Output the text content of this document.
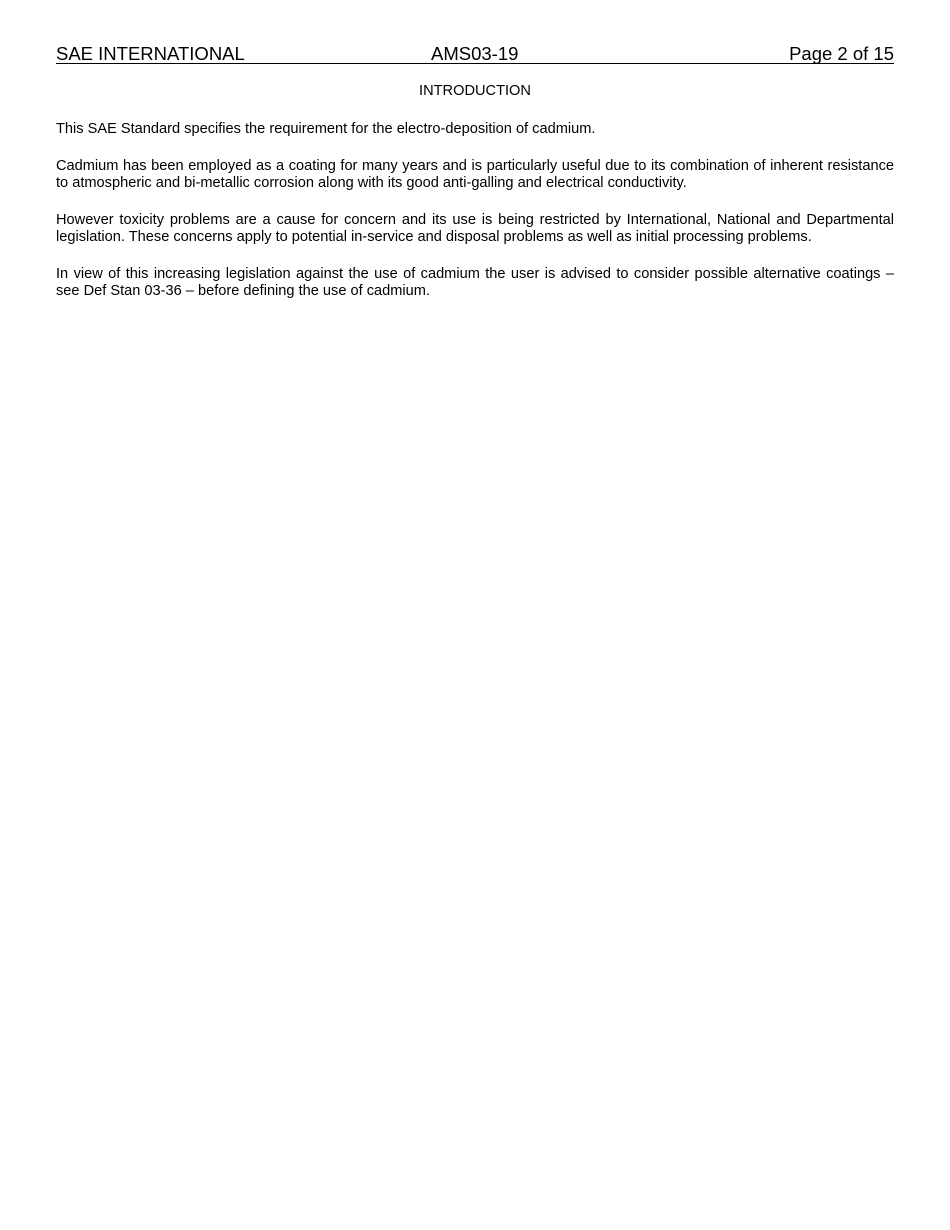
SAE INTERNATIONAL	AMS03-19	Page 2 of 15
INTRODUCTION

This SAE Standard specifies the requirement for the electro-deposition of cadmium.

Cadmium has been employed as a coating for many years and is particularly useful due to its combination of inherent resistance to atmospheric and bi-metallic corrosion along with its good anti-galling and electrical conductivity.

However toxicity problems are a cause for concern and its use is being restricted by International, National and Departmental legislation. These concerns apply to potential in-service and disposal problems as well as initial processing problems.

In view of this increasing legislation against the use of cadmium the user is advised to consider possible alternative coatings – see Def Stan 03-36 – before defining the use of cadmium.
